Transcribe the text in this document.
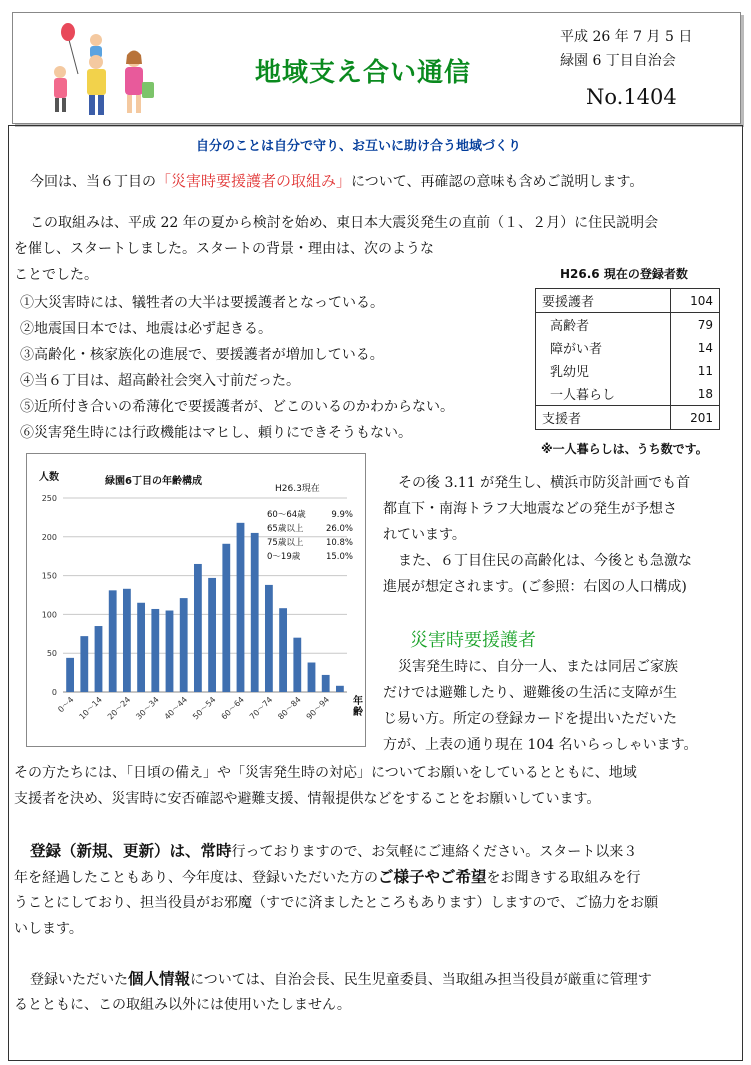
地域支え合い通信
平成 26 年 7 月 5 日
緑園 6 丁目自治会
No.1404
自分のことは自分で守り、お互いに助け合う地域づくり
今回は、当６丁目の「災害時要援護者の取組み」について、再確認の意味も含めご説明します。
この取組みは、平成 22 年の夏から検討を始め、東日本大震災発生の直前（１、２月）に住民説明会
を催し、スタートしました。スタートの背景・理由は、次のような
ことでした。
①大災害時には、犠牲者の大半は要援護者となっている。
②地震国日本では、地震は必ず起きる。
③高齢化・核家族化の進展で、要援護者が増加している。
④当６丁目は、超高齢社会突入寸前だった。
⑤近所付き合いの希薄化で要援護者が、どこのいるのかわからない。
⑥災害発生時には行政機能はマヒし、頼りにできそうもない。
H26.6 現在の登録者数
要援護者	104
高齢者	79
障がい者	14
乳幼児	11
一人暮らし	18
支援者	201
※一人暮らしは、うち数です。
0
50
100
150
200
250
人数	緑園6丁目の年齢構成
H26.3現在
0〜4 10〜14 20〜24 30〜34 40〜44 50〜54 60〜64 70〜74 80〜84 90〜94 年
齢
60〜64歳	9.9%
65歳以上	26.0%
75歳以上	10.8%
0〜19歳	15.0%
その後 3.11 が発生し、横浜市防災計画でも首
都直下・南海トラフ大地震などの発生が予想さ
れています。
また、６丁目住民の高齢化は、今後とも急激な
進展が想定されます。(ご参照：右図の人口構成)
災害時要援護者
災害発生時に、自分一人、または同居ご家族
だけでは避難したり、避難後の生活に支障が生
じ易い方。所定の登録カードを提出いただいた
方が、上表の通り現在 104 名いらっしゃいます。
その方たちには、「日頃の備え」や「災害発生時の対応」についてお願いをしているとともに、地域
支援者を決め、災害時に安否確認や避難支援、情報提供などをすることをお願いしています。
登録（新規、更新）は、常時行っておりますので、お気軽にご連絡ください。スタート以来３
年を経過したこともあり、今年度は、登録いただいた方のご様子やご希望をお聞きする取組みを行
うことにしており、担当役員がお邪魔（すでに済ましたところもあります）しますので、ご協力をお願
いします。
登録いただいた個人情報については、自治会長、民生児童委員、当取組み担当役員が厳重に管理す
るとともに、この取組み以外には使用いたしません。
